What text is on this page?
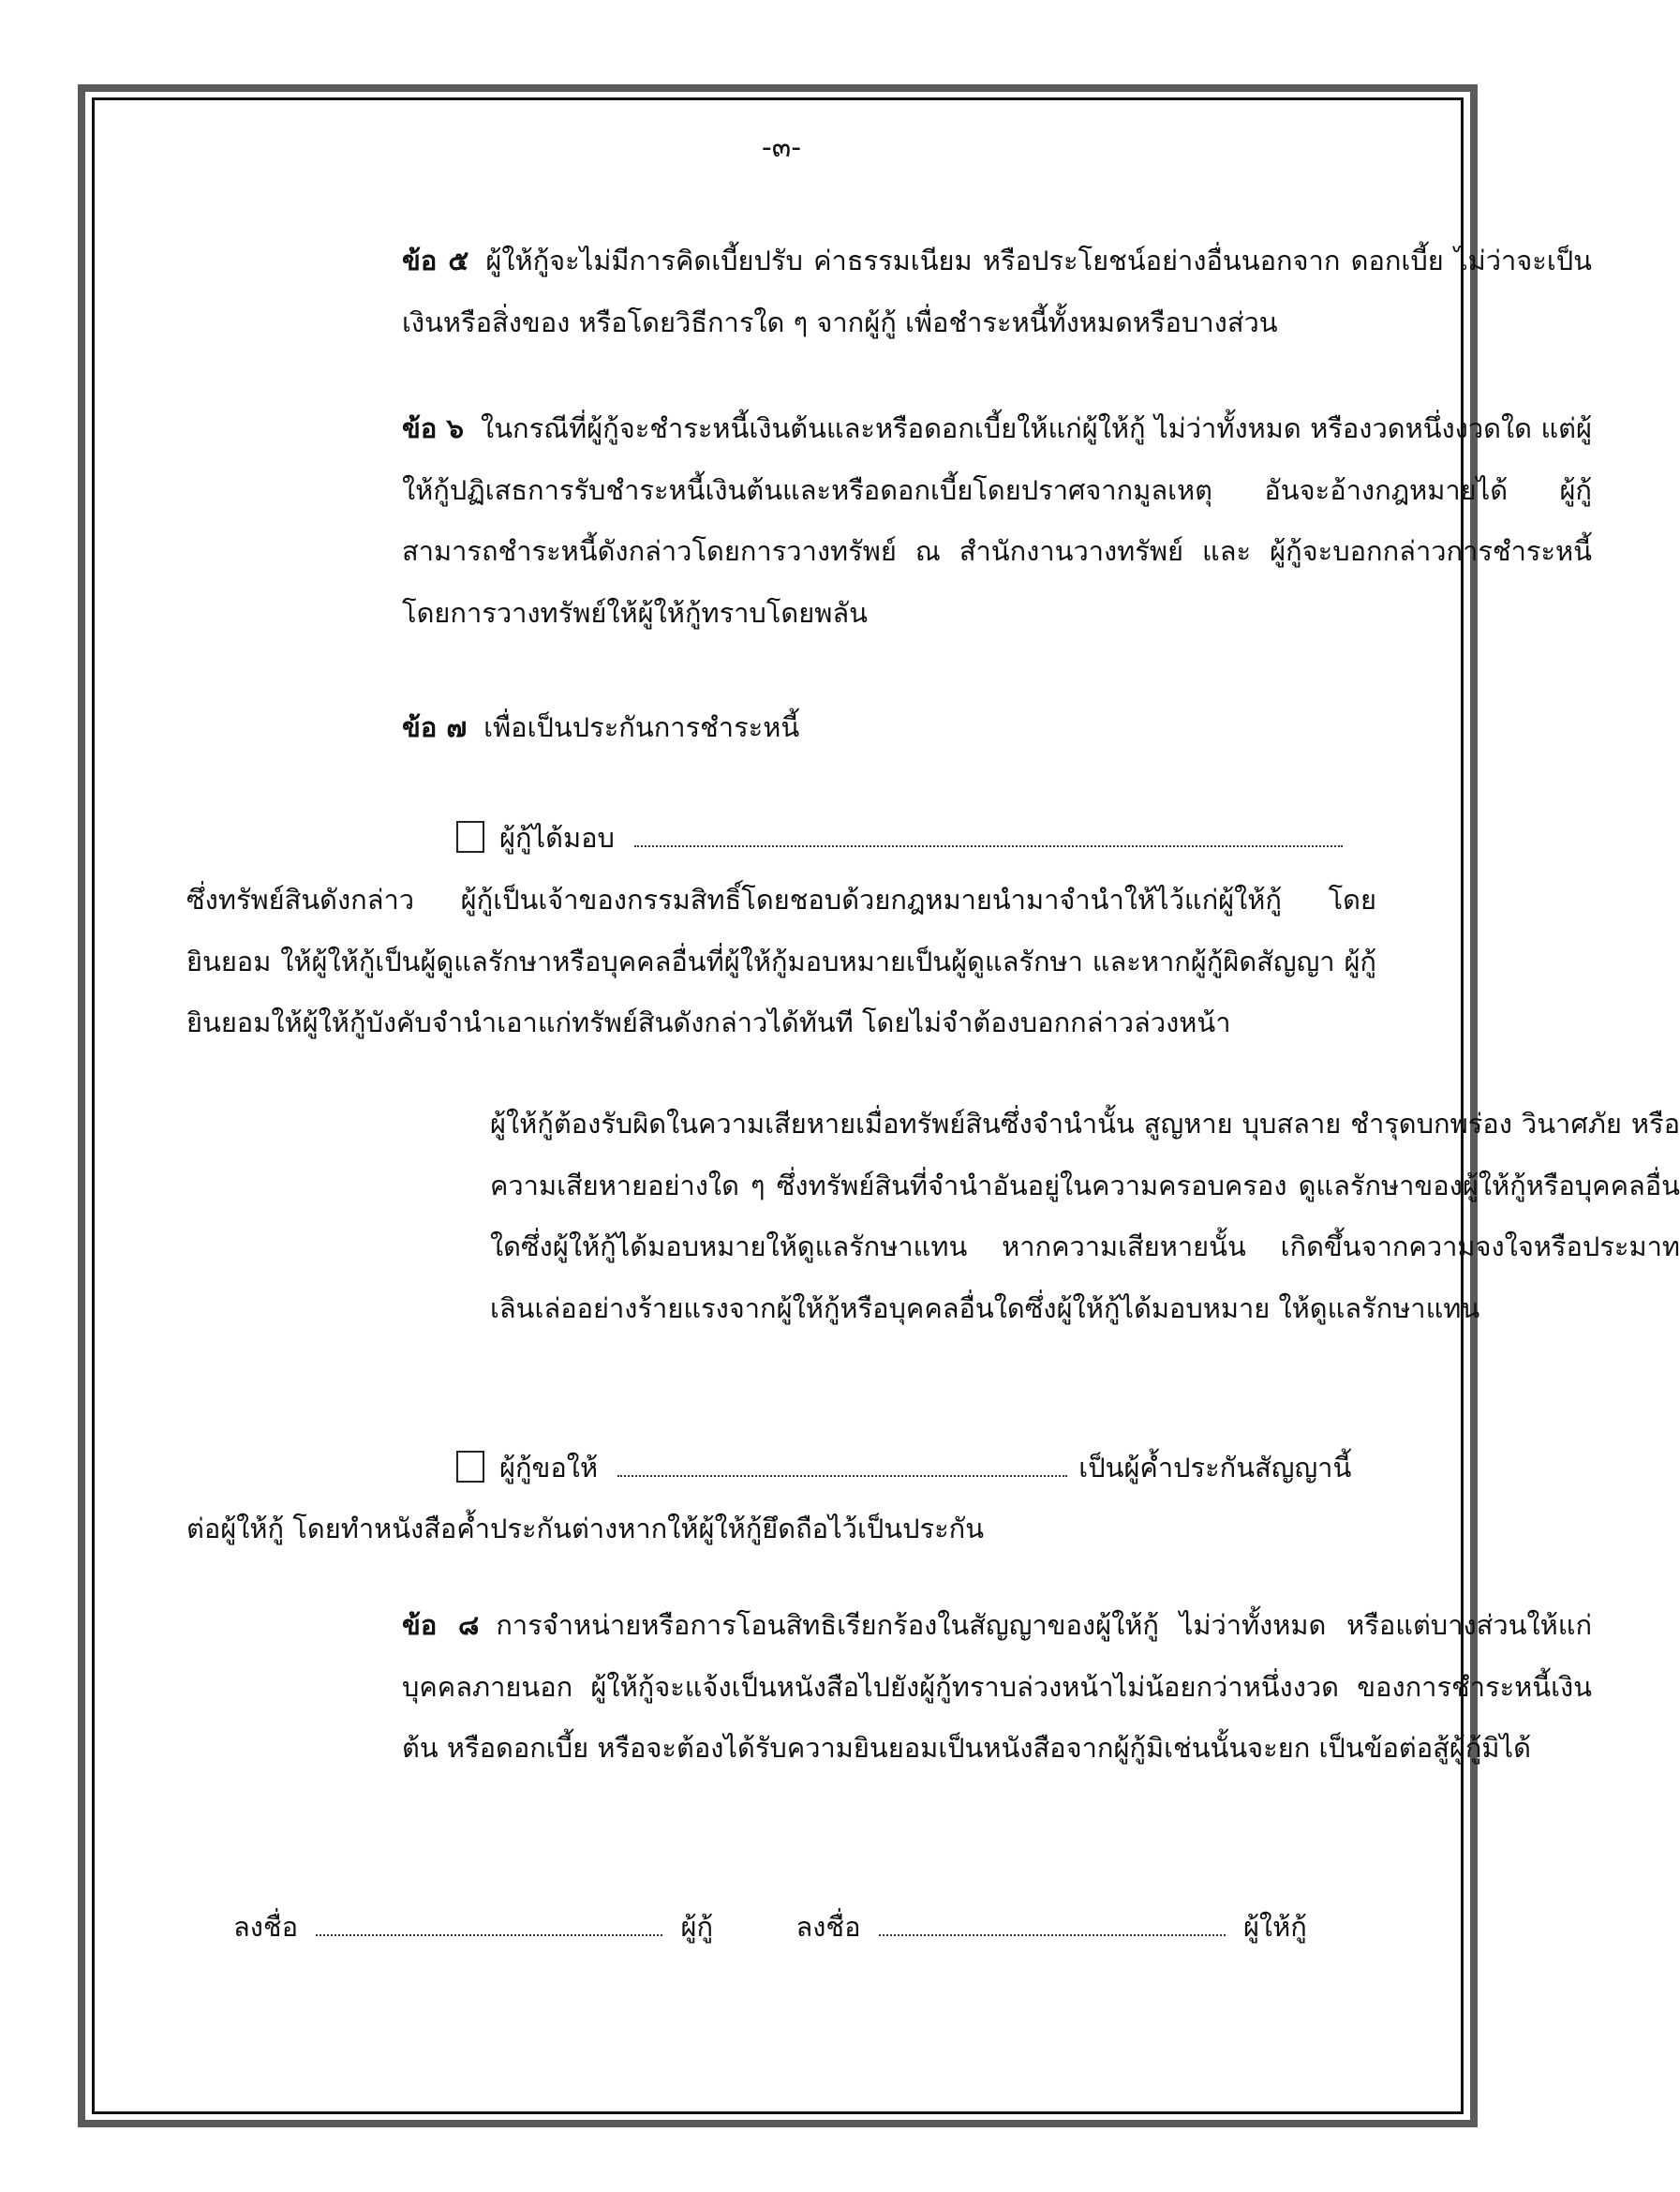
-๓-
ข้อ ๕ ผู้ให้กู้จะไม่มีการคิดเบี้ยปรับ ค่าธรรมเนียม หรือประโยชน์อย่างอื่นนอกจาก ดอกเบี้ย ไม่ว่าจะเป็นเงินหรือสิ่งของ หรือโดยวิธีการใด ๆ จากผู้กู้ เพื่อชำระหนี้ทั้งหมดหรือบางส่วน
ข้อ ๖ ในกรณีที่ผู้กู้จะชำระหนี้เงินต้นและหรือดอกเบี้ยให้แก่ผู้ให้กู้ ไม่ว่าทั้งหมด หรืองวดหนึ่งงวดใด แต่ผู้ให้กู้ปฏิเสธการรับชำระหนี้เงินต้นและหรือดอกเบี้ยโดยปราศจากมูลเหตุ อันจะอ้างกฎหมายได้ ผู้กู้สามารถชำระหนี้ดังกล่าวโดยการวางทรัพย์ ณ สำนักงานวางทรัพย์ และ ผู้กู้จะบอกกล่าวการชำระหนี้โดยการวางทรัพย์ให้ผู้ให้กู้ทราบโดยพลัน
ข้อ ๗ เพื่อเป็นประกันการชำระหนี้
ผู้กู้ได้มอบ
ซึ่งทรัพย์สินดังกล่าว ผู้กู้เป็นเจ้าของกรรมสิทธิ์โดยชอบด้วยกฎหมายนำมาจำนำให้ไว้แก่ผู้ให้กู้ โดยยินยอม ให้ผู้ให้กู้เป็นผู้ดูแลรักษาหรือบุคคลอื่นที่ผู้ให้กู้มอบหมายเป็นผู้ดูแลรักษา และหากผู้กู้ผิดสัญญา ผู้กู้ ยินยอมให้ผู้ให้กู้บังคับจำนำเอาแก่ทรัพย์สินดังกล่าวได้ทันที โดยไม่จำต้องบอกกล่าวล่วงหน้า
ผู้ให้กู้ต้องรับผิดในความเสียหายเมื่อทรัพย์สินซึ่งจำนำนั้น สูญหาย บุบสลาย ชำรุดบกพร่อง วินาศภัย หรือความเสียหายอย่างใด ๆ ซึ่งทรัพย์สินที่จำนำอันอยู่ในความครอบครอง ดูแลรักษาของผู้ให้กู้หรือบุคคลอื่นใดซึ่งผู้ให้กู้ได้มอบหมายให้ดูแลรักษาแทน หากความเสียหายนั้น เกิดขึ้นจากความจงใจหรือประมาทเลินเล่ออย่างร้ายแรงจากผู้ให้กู้หรือบุคคลอื่นใดซึ่งผู้ให้กู้ได้มอบหมาย ให้ดูแลรักษาแทน
ผู้กู้ขอให้	เป็นผู้ค้ำประกันสัญญานี้
ต่อผู้ให้กู้ โดยทำหนังสือค้ำประกันต่างหากให้ผู้ให้กู้ยึดถือไว้เป็นประกัน
ข้อ ๘ การจำหน่ายหรือการโอนสิทธิเรียกร้องในสัญญาของผู้ให้กู้ ไม่ว่าทั้งหมด หรือแต่บางส่วนให้แก่บุคคลภายนอก ผู้ให้กู้จะแจ้งเป็นหนังสือไปยังผู้กู้ทราบล่วงหน้าไม่น้อยกว่าหนึ่งงวด ของการชำระหนี้เงินต้น หรือดอกเบี้ย หรือจะต้องได้รับความยินยอมเป็นหนังสือจากผู้กู้มิเช่นนั้นจะยก เป็นข้อต่อสู้ผู้กู้มิได้
ลงชื่อ	ผู้กู้	ลงชื่อ	ผู้ให้กู้
